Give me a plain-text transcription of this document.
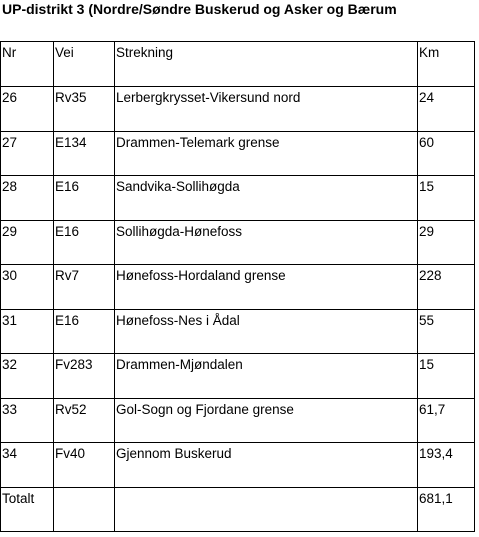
UP-distrikt 3 (Nordre/Søndre Buskerud og Asker og Bærum
Nr	Vei	Strekning	Km
26	Rv35	Lerbergkrysset-Vikersund nord	24
27	E134	Drammen-Telemark grense	60
28	E16	Sandvika-Sollihøgda	15
29	E16	Sollihøgda-Hønefoss	29
30	Rv7	Hønefoss-Hordaland grense	228
31	E16	Hønefoss-Nes i Ådal	55
32	Fv283	Drammen-Mjøndalen	15
33	Rv52	Gol-Sogn og Fjordane grense	61,7
34	Fv40	Gjennom Buskerud	193,4
Totalt			681,1
